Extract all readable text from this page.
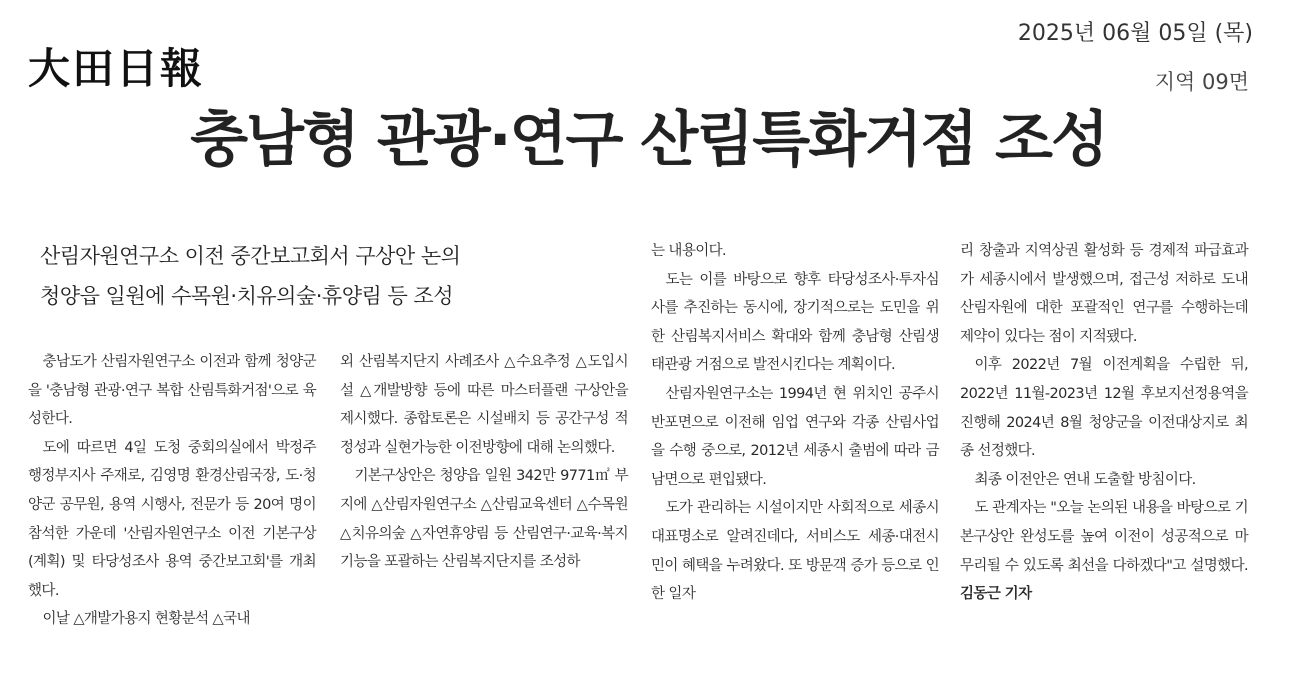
大田日報
2025년 06월 05일 (목)
지역 09면
충남형 관광·연구 산림특화거점 조성
산림자원연구소 이전 중간보고회서 구상안 논의
청양읍 일원에 수목원·치유의숲·휴양림 등 조성

충남도가 산림자원연구소 이전과 함께 청양군을 '충남형 관광·연구 복합 산림특화거점'으로 육성한다.

도에 따르면 4일 도청 중회의실에서 박정주 행정부지사 주재로, 김영명 환경산림국장, 도·청양군 공무원, 용역 시행사, 전문가 등 20여 명이 참석한 가운데 '산림자원연구소 이전 기본구상(계획) 및 타당성조사 용역 중간보고회'를 개최했다.

이날 △개발가용지 현황분석 △국내

외 산림복지단지 사례조사 △수요추정 △도입시설 △개발방향 등에 따른 마스터플랜 구상안을 제시했다. 종합토론은 시설배치 등 공간구성 적정성과 실현가능한 이전방향에 대해 논의했다.

기본구상안은 청양읍 일원 342만 9771㎡ 부지에 △산림자원연구소 △산림교육센터 △수목원 △치유의숲 △자연휴양림 등 산림연구·교육·복지기능을 포괄하는 산림복지단지를 조성하

는 내용이다.

도는 이를 바탕으로 향후 타당성조사·투자심사를 추진하는 동시에, 장기적으로는 도민을 위한 산림복지서비스 확대와 함께 충남형 산림생태관광 거점으로 발전시킨다는 계획이다.

산림자원연구소는 1994년 현 위치인 공주시 반포면으로 이전해 임업 연구와 각종 산림사업을 수행 중으로, 2012년 세종시 출범에 따라 금남면으로 편입됐다.

도가 관리하는 시설이지만 사회적으로 세종시 대표명소로 알려진데다, 서비스도 세종·대전시민이 혜택을 누려왔다. 또 방문객 증가 등으로 인한 일자

리 창출과 지역상권 활성화 등 경제적 파급효과가 세종시에서 발생했으며, 접근성 저하로 도내 산림자원에 대한 포괄적인 연구를 수행하는데 제약이 있다는 점이 지적됐다.

이후 2022년 7월 이전계획을 수립한 뒤, 2022년 11월-2023년 12월 후보지선정용역을 진행해 2024년 8월 청양군을 이전대상지로 최종 선정했다.

최종 이전안은 연내 도출할 방침이다.

도 관계자는 "오늘 논의된 내용을 바탕으로 기본구상안 완성도를 높여 이전이 성공적으로 마무리될 수 있도록 최선을 다하겠다"고 설명했다.김동근 기자
